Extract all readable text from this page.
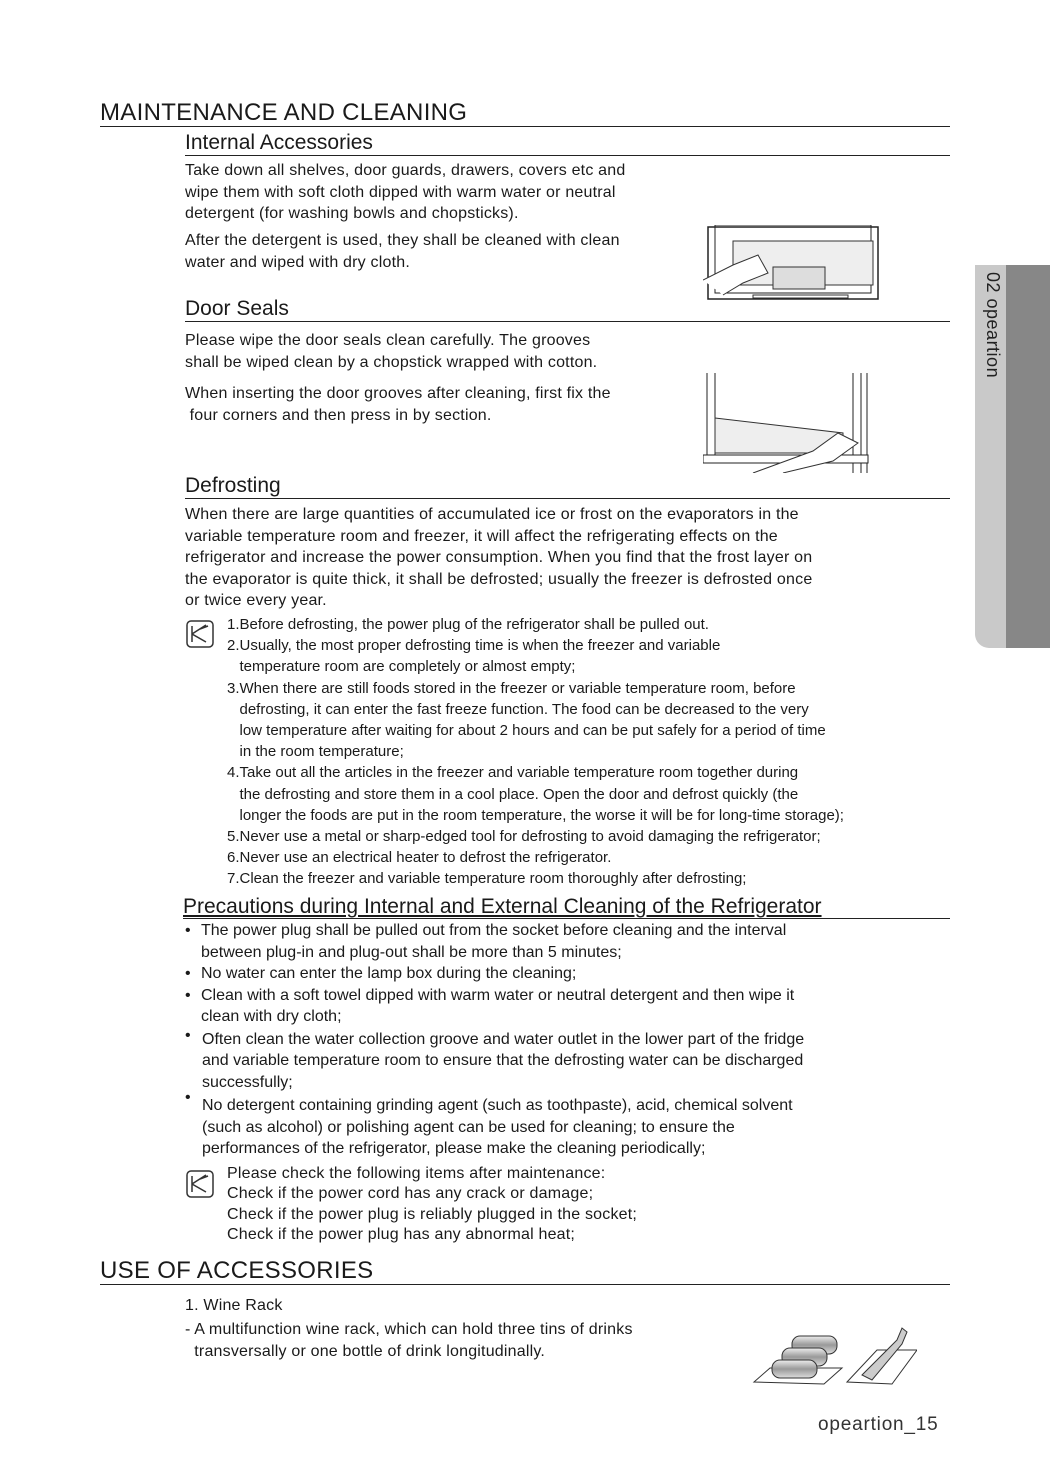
MAINTENANCE AND CLEANING
Internal Accessories
Take down all shelves, door guards, drawers, covers etc and
wipe them with soft cloth dipped with warm water or neutral
detergent (for washing bowls and chopsticks).
After the detergent is used, they shall be cleaned with clean
water and wiped with dry cloth.
Door Seals
Please wipe the door seals clean carefully. The grooves
shall be wiped clean by a chopstick wrapped with cotton.
When inserting the door grooves after cleaning, first fix the
four corners and then press in by section.
Defrosting
When there are large quantities of accumulated ice or frost on the evaporators in the
variable temperature room and freezer, it will affect the refrigerating effects on the
refrigerator and increase the power consumption. When you find that the frost layer on
the evaporator is quite thick, it shall be defrosted; usually the freezer is defrosted once
or twice every year.
1.Before defrosting, the power plug of the refrigerator shall be pulled out.
2.Usually, the most proper defrosting time is when the freezer and variable
temperature room are completely or almost empty;
3.When there are still foods stored in the freezer or variable temperature room, before
defrosting, it can enter the fast freeze function. The food can be decreased to the very
low temperature after waiting for about 2 hours and can be put safely for a period of time
in the room temperature;
4.Take out all the articles in the freezer and variable temperature room together during
the defrosting and store them in a cool place. Open the door and defrost quickly (the
longer the foods are put in the room temperature, the worse it will be for long-time storage);
5.Never use a metal or sharp-edged tool for defrosting to avoid damaging the refrigerator;
6.Never use an electrical heater to defrost the refrigerator.
7.Clean the freezer and variable temperature room thoroughly after defrosting;
Precautions during Internal and External Cleaning of the Refrigerator
• The power plug shall be pulled out from the socket before cleaning and the interval
between plug-in and plug-out shall be more than 5 minutes;
• No water can enter the lamp box during the cleaning;
• Clean with a soft towel dipped with warm water or neutral detergent and then wipe it
clean with dry cloth;
• Often clean the water collection groove and water outlet in the lower part of the fridge
and variable temperature room to ensure that the defrosting water can be discharged
successfully;
• No detergent containing grinding agent (such as toothpaste), acid, chemical solvent
(such as alcohol) or polishing agent can be used for cleaning; to ensure the
performances of the refrigerator, please make the cleaning periodically;
Please check the following items after maintenance:
Check if the power cord has any crack or damage;
Check if the power plug is reliably plugged in the socket;
Check if the power plug has any abnormal heat;
USE OF ACCESSORIES
1. Wine Rack
- A multifunction wine rack, which can hold three tins of drinks
transversally or one bottle of drink longitudinally.
02 opeartion
opeartion_15
